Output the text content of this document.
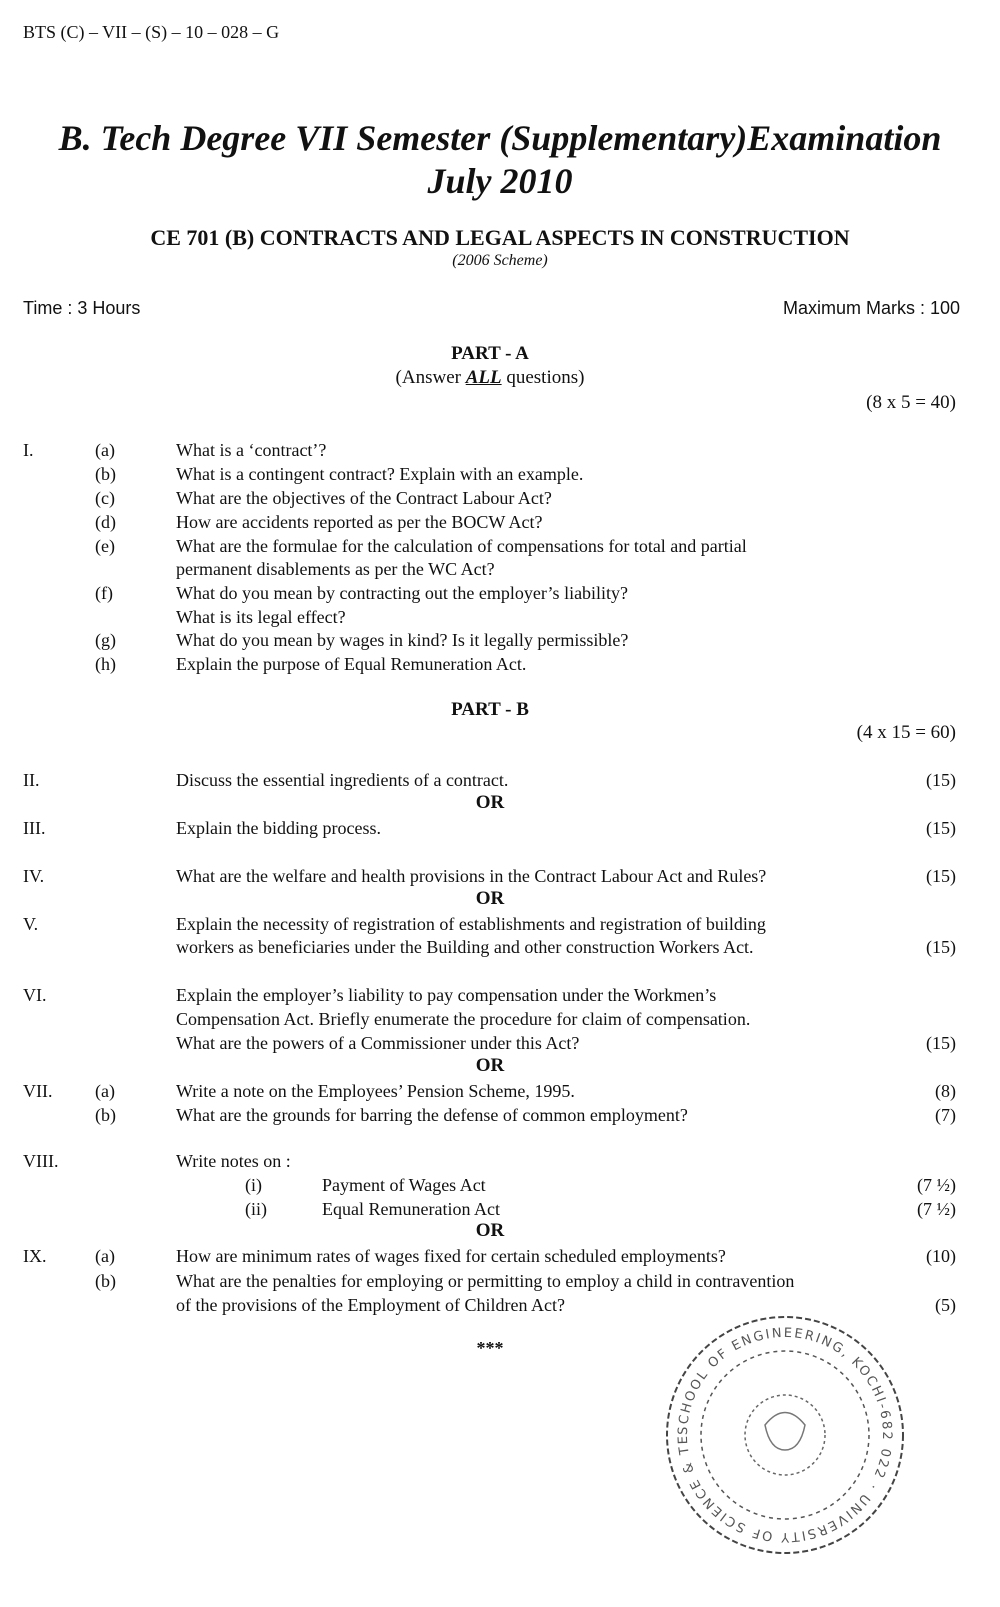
BTS (C) – VII – (S) – 10 – 028 – G
B. Tech Degree VII Semester (Supplementary)Examination
July 2010
CE 701 (B) CONTRACTS AND LEGAL ASPECTS IN CONSTRUCTION
(2006 Scheme)
Time : 3 Hours	Maximum Marks : 100
PART - A
(Answer ALL questions)
(8 x 5 = 40)
I.	(a)	What is a ‘contract’?
(b)	What is a contingent contract? Explain with an example.
(c)	What are the objectives of the Contract Labour Act?
(d)	How are accidents reported as per the BOCW Act?
(e)	What are the formulae for the calculation of compensations for total and partial
permanent disablements as per the WC Act?
(f)	What do you mean by contracting out the employer’s liability?
What is its legal effect?
(g)	What do you mean by wages in kind? Is it legally permissible?
(h)	Explain the purpose of Equal Remuneration Act.
PART - B
(4 x 15 = 60)
II.	Discuss the essential ingredients of a contract.	(15)
OR
III.	Explain the bidding process.	(15)
IV.	What are the welfare and health provisions in the Contract Labour Act and Rules?	(15)
OR
V.	Explain the necessity of registration of establishments and registration of building
workers as beneficiaries under the Building and other construction Workers Act.	(15)
VI.	Explain the employer’s liability to pay compensation under the Workmen’s
Compensation Act. Briefly enumerate the procedure for claim of compensation.
What are the powers of a Commissioner under this Act?	(15)
OR
VII. (a)	Write a note on the Employees’ Pension Scheme, 1995.	(8)
(b)	What are the grounds for barring the defense of common employment?	(7)
VIII.	Write notes on :
(i)	Payment of Wages Act	(7 ½)
(ii)	Equal Remuneration Act	(7 ½)
OR
IX.	(a)	How are minimum rates of wages fixed for certain scheduled employments?	(10)
(b)	What are the penalties for employing or permitting to employ a child in contravention
of the provisions of the Employment of Children Act?	(5)
***
SCHOOL OF ENGINEERING, KOCHI-682 022 · UNIVERSITY OF SCIENCE & TE
